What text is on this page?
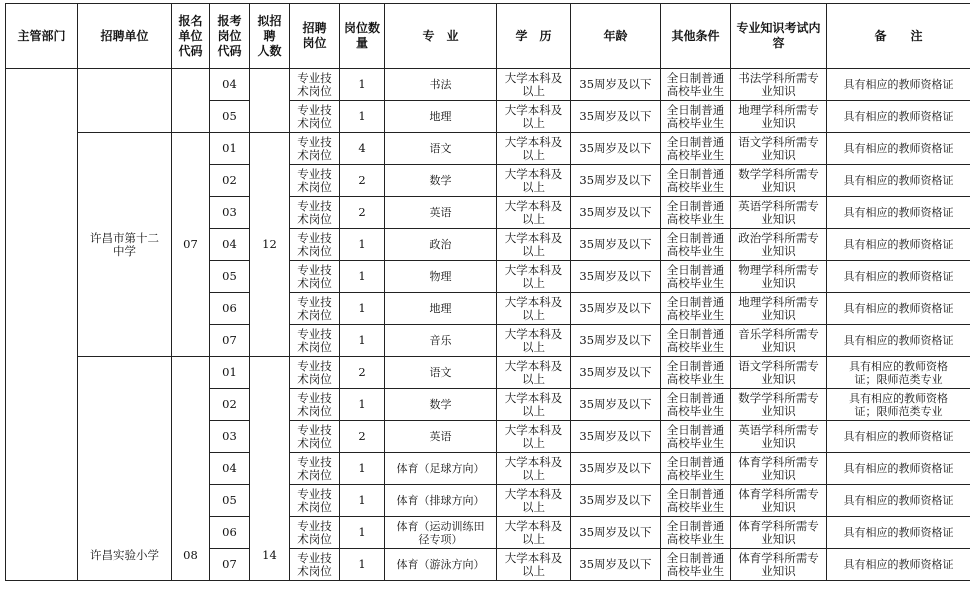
主管部门	招聘单位	报名
单位
代码	报考
岗位
代码	拟招
聘
人数	招聘
岗位	岗位数
量	专　业	学　历	年龄	其他条件	专业知识考试内
容	备　　注
			04		专业技
术岗位	1	书法	大学本科及
以上	35周岁及以下	全日制普通
高校毕业生	书法学科所需专
业知识	具有相应的教师资格证
			05		专业技
术岗位	1	地理	大学本科及
以上	35周岁及以下	全日制普通
高校毕业生	地理学科所需专
业知识	具有相应的教师资格证
	许昌市第十二
中学	07	01	12	专业技
术岗位	4	语文	大学本科及
以上	35周岁及以下	全日制普通
高校毕业生	语文学科所需专
业知识	具有相应的教师资格证
			02		专业技
术岗位	2	数学	大学本科及
以上	35周岁及以下	全日制普通
高校毕业生	数学学科所需专
业知识	具有相应的教师资格证
			03		专业技
术岗位	2	英语	大学本科及
以上	35周岁及以下	全日制普通
高校毕业生	英语学科所需专
业知识	具有相应的教师资格证
			04		专业技
术岗位	1	政治	大学本科及
以上	35周岁及以下	全日制普通
高校毕业生	政治学科所需专
业知识	具有相应的教师资格证
			05		专业技
术岗位	1	物理	大学本科及
以上	35周岁及以下	全日制普通
高校毕业生	物理学科所需专
业知识	具有相应的教师资格证
			06		专业技
术岗位	1	地理	大学本科及
以上	35周岁及以下	全日制普通
高校毕业生	地理学科所需专
业知识	具有相应的教师资格证
			07		专业技
术岗位	1	音乐	大学本科及
以上	35周岁及以下	全日制普通
高校毕业生	音乐学科所需专
业知识	具有相应的教师资格证
	许昌实验小学	08	01	14	专业技
术岗位	2	语文	大学本科及
以上	35周岁及以下	全日制普通
高校毕业生	语文学科所需专
业知识	具有相应的教师资格
证；限师范类专业
			02		专业技
术岗位	1	数学	大学本科及
以上	35周岁及以下	全日制普通
高校毕业生	数学学科所需专
业知识	具有相应的教师资格
证；限师范类专业
			03		专业技
术岗位	2	英语	大学本科及
以上	35周岁及以下	全日制普通
高校毕业生	英语学科所需专
业知识	具有相应的教师资格证
			04		专业技
术岗位	1	体育（足球方向）	大学本科及
以上	35周岁及以下	全日制普通
高校毕业生	体育学科所需专
业知识	具有相应的教师资格证
			05		专业技
术岗位	1	体育（排球方向）	大学本科及
以上	35周岁及以下	全日制普通
高校毕业生	体育学科所需专
业知识	具有相应的教师资格证
			06		专业技
术岗位	1	体育（运动训练田
径专项）	大学本科及
以上	35周岁及以下	全日制普通
高校毕业生	体育学科所需专
业知识	具有相应的教师资格证
			07		专业技
术岗位	1	体育（游泳方向）	大学本科及
以上	35周岁及以下	全日制普通
高校毕业生	体育学科所需专
业知识	具有相应的教师资格证
